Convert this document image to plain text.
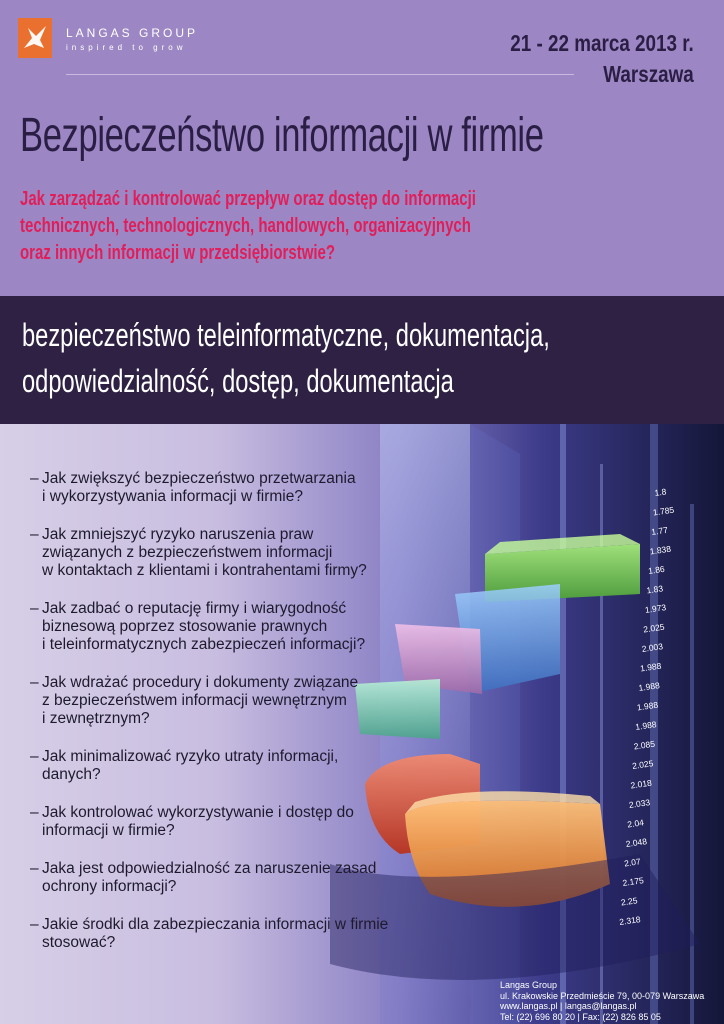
LANGAS GROUP
inspired to grow	21 - 22 marca 2013 r.
Warszawa
Bezpieczeństwo informacji w firmie
Jak zarządzać i kontrolować przepływ oraz dostęp do informacji
technicznych, technologicznych, handlowych, organizacyjnych
oraz innych informacji w przedsiębiorstwie?
bezpieczeństwo teleinformatyczne, dokumentacja,
odpowiedzialność, dostęp, dokumentacja
1.8
1.785
1.77
1.838
1.86
1.83
1.973
2.025
2.003
1.988
1.988
1.988
1.988
2.085
2.025
2.018
2.033
2.04
2.048
2.07
2.175
2.25
2.318
– Jak zwiększyć bezpieczeństwo przetwarzania
i wykorzystywania informacji w firmie?
– Jak zmniejszyć ryzyko naruszenia praw
związanych z bezpieczeństwem informacji
w kontaktach z klientami i kontrahentami firmy?
– Jak zadbać o reputację firmy i wiarygodność
biznesową poprzez stosowanie prawnych
i teleinformatycznych zabezpieczeń informacji?
– Jak wdrażać procedury i dokumenty związane
z bezpieczeństwem informacji wewnętrznym
i zewnętrznym?
– Jak minimalizować ryzyko utraty informacji,
danych?
– Jak kontrolować wykorzystywanie i dostęp do
informacji w firmie?
– Jaka jest odpowiedzialność za naruszenie zasad
ochrony informacji?
– Jakie środki dla zabezpieczania informacji w firmie
stosować?
Langas Group
ul. Krakowskie Przedmieście 79, 00-079 Warszawa
www.langas.pl | langas@langas.pl
Tel: (22) 696 80 20 | Fax: (22) 826 85 05
